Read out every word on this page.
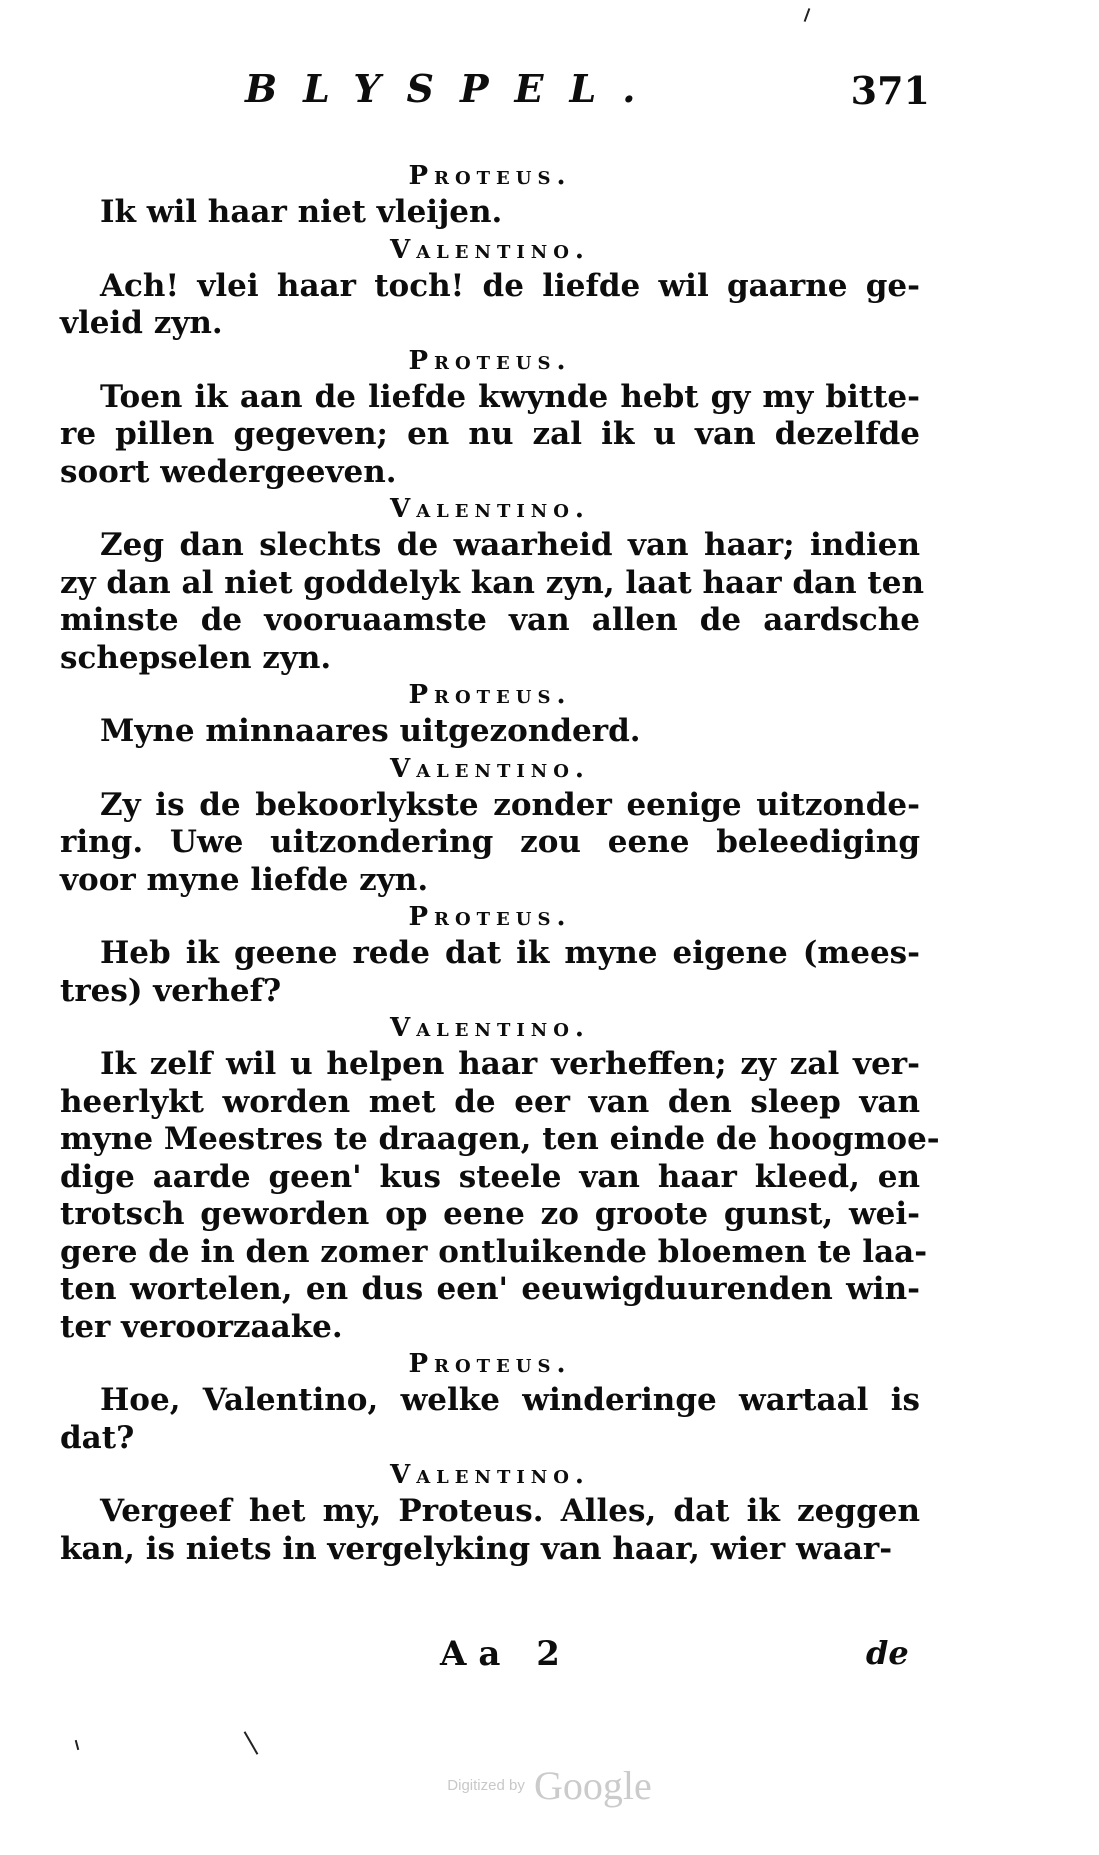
BLYSPEL.	371
Proteus.

Ik wil haar niet vleijen.

Valentino.

Ach! vlei haar toch! de liefde wil gaarne ge-
vleid zyn.

Proteus.

Toen ik aan de liefde kwynde hebt gy my bitte-
re pillen gegeven; en nu zal ik u van dezelfde
soort wedergeeven.

Valentino.

Zeg dan slechts de waarheid van haar; indien
zy dan al niet goddelyk kan zyn, laat haar dan ten
minste de vooruaamste van allen de aardsche
schepselen zyn.

Proteus.

Myne minnaares uitgezonderd.

Valentino.

Zy is de bekoorlykste zonder eenige uitzonde-
ring. Uwe uitzondering zou eene beleediging
voor myne liefde zyn.

Proteus.

Heb ik geene rede dat ik myne eigene (mees-
tres) verhef?

Valentino.

Ik zelf wil u helpen haar verheffen; zy zal ver-
heerlykt worden met de eer van den sleep van
myne Meestres te draagen, ten einde de hoogmoe-
dige aarde geen' kus steele van haar kleed, en
trotsch geworden op eene zo groote gunst, wei-
gere de in den zomer ontluikende bloemen te laa-
ten wortelen, en dus een' eeuwigduurenden win-
ter veroorzaake.

Proteus.

Hoe, Valentino, welke winderinge wartaal is
dat?

Valentino.

Vergeef het my, Proteus. Alles, dat ik zeggen
kan, is niets in vergelyking van haar, wier waar-

Aa 2	de
Digitized by Google
